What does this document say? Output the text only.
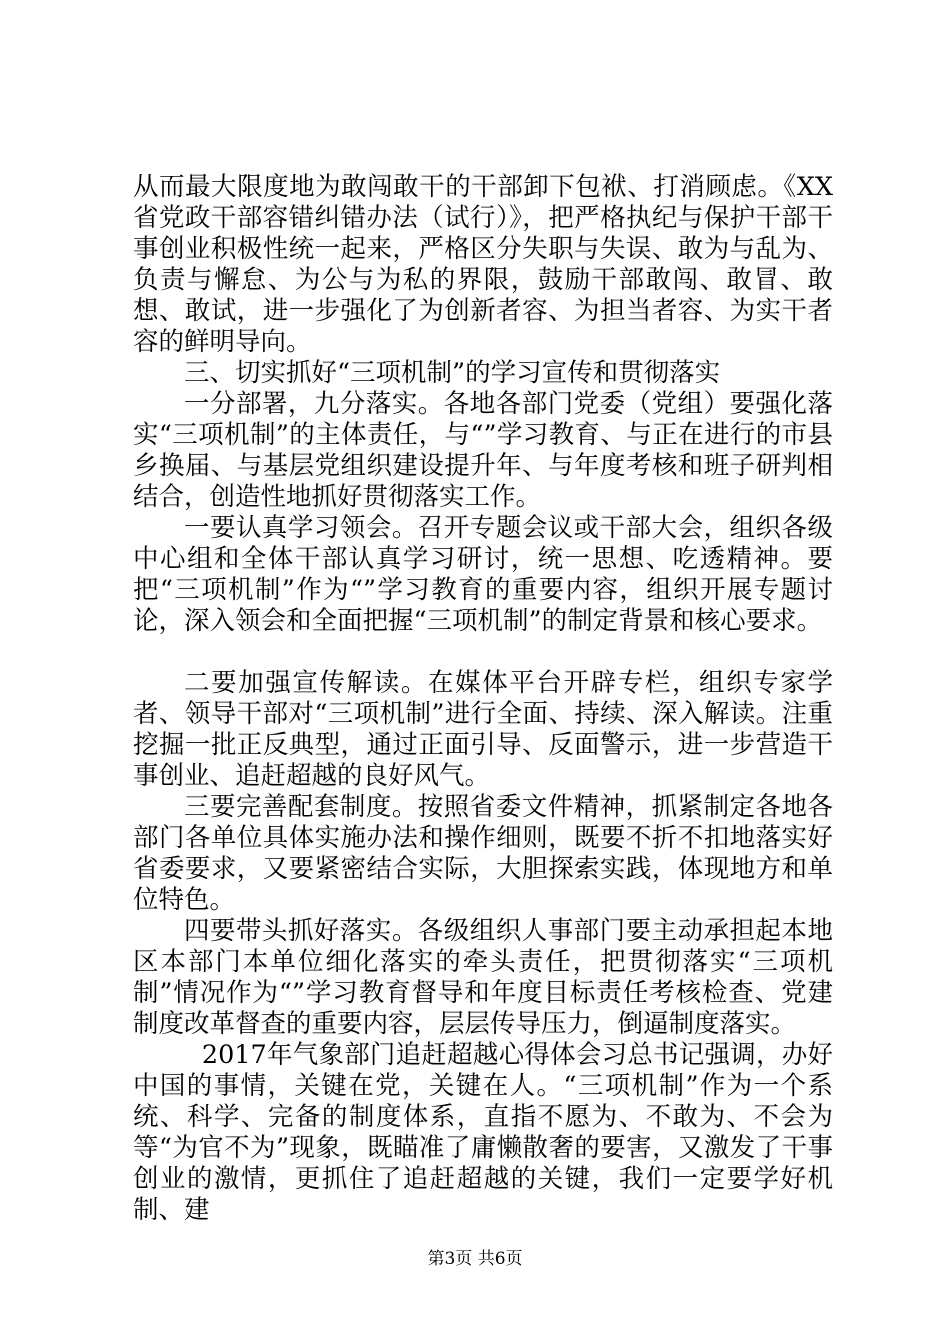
从而最大限度地为敢闯敢干的干部卸下包袱、打消顾虑。《XX省党政干部容错纠错办法（试行）》，把严格执纪与保护干部干事创业积极性统一起来，严格区分失职与失误、敢为与乱为、负责与懈怠、为公与为私的界限，鼓励干部敢闯、敢冒、敢想、敢试，进一步强化了为创新者容、为担当者容、为实干者容的鲜明导向。

三、切实抓好“三项机制”的学习宣传和贯彻落实

一分部署，九分落实。各地各部门党委（党组）要强化落实“三项机制”的主体责任，与“”学习教育、与正在进行的市县乡换届、与基层党组织建设提升年、与年度考核和班子研判相结合，创造性地抓好贯彻落实工作。

一要认真学习领会。召开专题会议或干部大会，组织各级中心组和全体干部认真学习研讨，统一思想、吃透精神。要把“三项机制”作为“”学习教育的重要内容，组织开展专题讨论，深入领会和全面把握“三项机制”的制定背景和核心要求。

二要加强宣传解读。在媒体平台开辟专栏，组织专家学者、领导干部对“三项机制”进行全面、持续、深入解读。注重挖掘一批正反典型，通过正面引导、反面警示，进一步营造干事创业、追赶超越的良好风气。

三要完善配套制度。按照省委文件精神，抓紧制定各地各部门各单位具体实施办法和操作细则，既要不折不扣地落实好省委要求，又要紧密结合实际，大胆探索实践，体现地方和单位特色。

四要带头抓好落实。各级组织人事部门要主动承担起本地区本部门本单位细化落实的牵头责任，把贯彻落实“三项机制”情况作为“”学习教育督导和年度目标责任考核检查、党建制度改革督查的重要内容，层层传导压力，倒逼制度落实。

2017年气象部门追赶超越心得体会习总书记强调，办好中国的事情，关键在党，关键在人。“三项机制”作为一个系统、科学、完备的制度体系，直指不愿为、不敢为、不会为等“为官不为”现象，既瞄准了庸懒散奢的要害，又激发了干事创业的激情，更抓住了追赶超越的关键，我们一定要学好机制、建

第3页 共6页
